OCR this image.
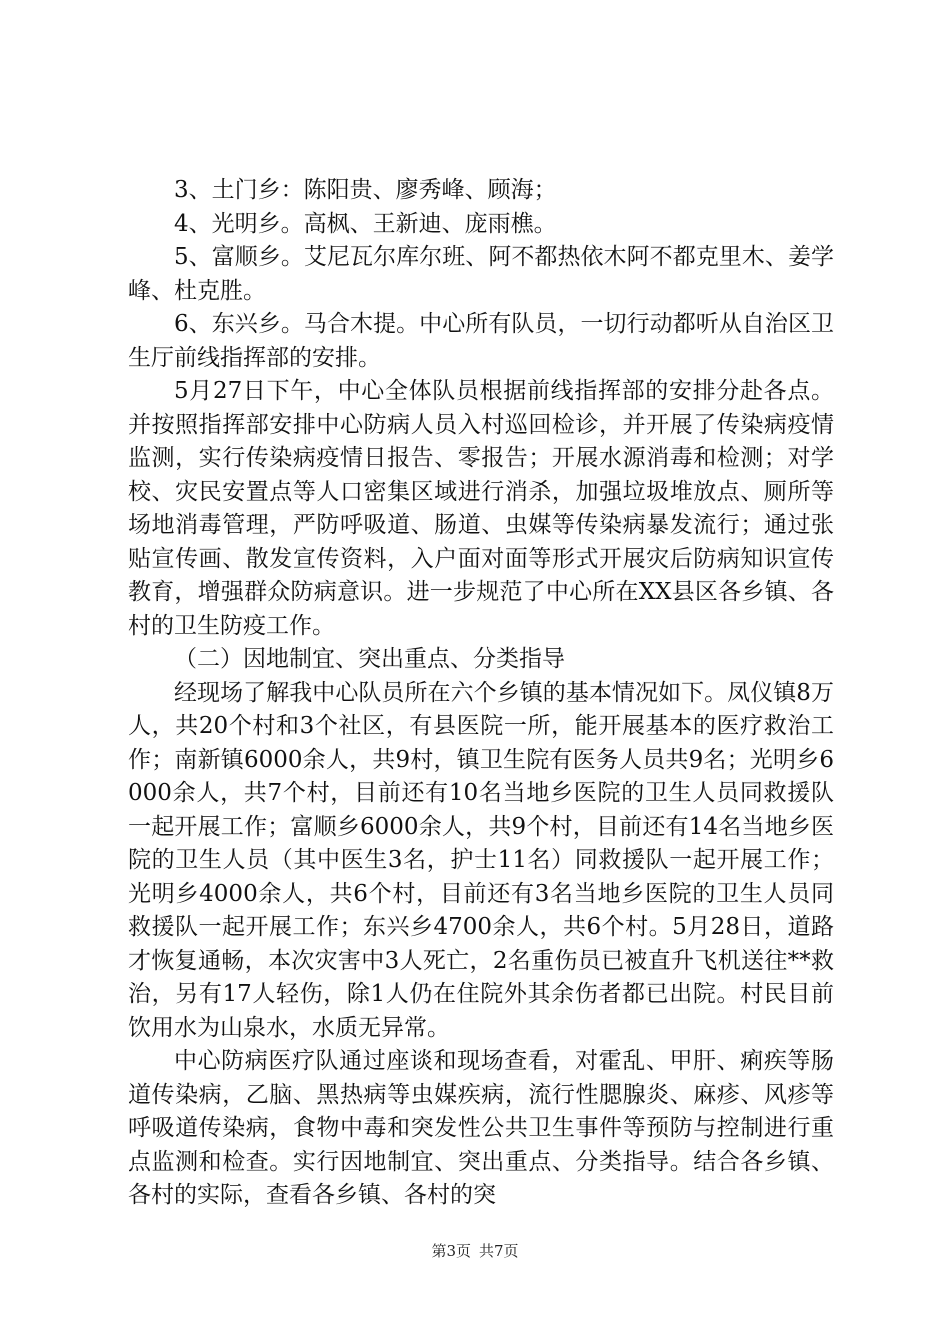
3、土门乡：陈阳贵、廖秀峰、顾海；

4、光明乡。高枫、王新迪、庞雨樵。

5、富顺乡。艾尼瓦尔库尔班、阿不都热依木阿不都克里木、姜学峰、杜克胜。

6、东兴乡。马合木提。中心所有队员，一切行动都听从自治区卫生厅前线指挥部的安排。

5月27日下午，中心全体队员根据前线指挥部的安排分赴各点。并按照指挥部安排中心防病人员入村巡回检诊，并开展了传染病疫情监测，实行传染病疫情日报告、零报告；开展水源消毒和检测；对学校、灾民安置点等人口密集区域进行消杀，加强垃圾堆放点、厕所等场地消毒管理，严防呼吸道、肠道、虫媒等传染病暴发流行；通过张贴宣传画、散发宣传资料，入户面对面等形式开展灾后防病知识宣传教育，增强群众防病意识。进一步规范了中心所在XX县区各乡镇、各村的卫生防疫工作。

（二）因地制宜、突出重点、分类指导

经现场了解我中心队员所在六个乡镇的基本情况如下。凤仪镇8万人，共20个村和3个社区，有县医院一所，能开展基本的医疗救治工作；南新镇6000余人，共9村，镇卫生院有医务人员共9名；光明乡6000余人，共7个村，目前还有10名当地乡医院的卫生人员同救援队一起开展工作；富顺乡6000余人，共9个村，目前还有14名当地乡医院的卫生人员（其中医生3名，护士11名）同救援队一起开展工作；光明乡4000余人，共6个村，目前还有3名当地乡医院的卫生人员同救援队一起开展工作；东兴乡4700余人，共6个村。5月28日，道路才恢复通畅，本次灾害中3人死亡，2名重伤员已被直升飞机送往**救治，另有17人轻伤，除1人仍在住院外其余伤者都已出院。村民目前饮用水为山泉水，水质无异常。

中心防病医疗队通过座谈和现场查看，对霍乱、甲肝、痢疾等肠道传染病，乙脑、黑热病等虫媒疾病，流行性腮腺炎、麻疹、风疹等呼吸道传染病，食物中毒和突发性公共卫生事件等预防与控制进行重点监测和检查。实行因地制宜、突出重点、分类指导。结合各乡镇、各村的实际，查看各乡镇、各村的突

第3页 共7页
